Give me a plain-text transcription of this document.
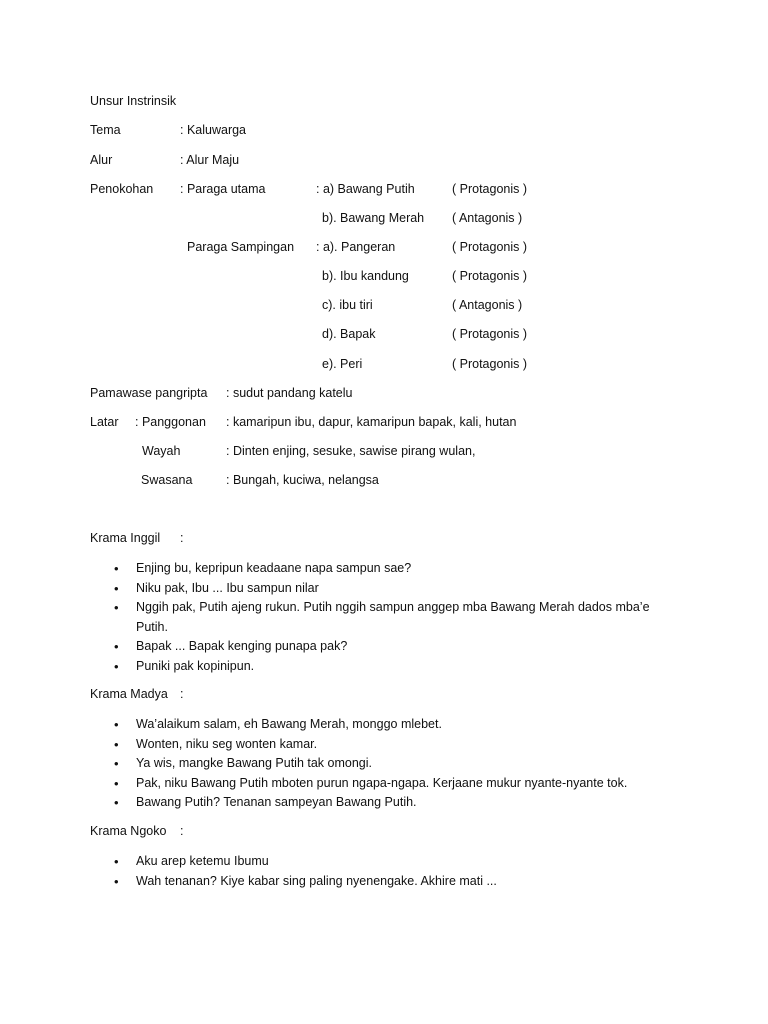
Unsur Instrinsik
Tema	: Kaluwarga
Alur	: Alur Maju
Penokohan : Paraga utama	: a) Bawang Putih	( Protagonis )
b). Bawang Merah ( Antagonis )
Paraga Sampingan : a). Pangeran	( Protagonis )
b). Ibu kandung	( Protagonis )
c). ibu tiri	( Antagonis )
d). Bapak	( Protagonis )
e). Peri	( Protagonis )
Pamawase pangripta : sudut pandang katelu
Latar : Panggonan : kamaripun ibu, dapur, kamaripun bapak, kali, hutan
Wayah	: Dinten enjing, sesuke, sawise pirang wulan,
Swasana	: Bungah, kuciwa, nelangsa
Krama Inggil :
• Enjing bu, kepripun keadaane napa sampun sae?
• Niku pak, Ibu ... Ibu sampun nilar
• Nggih pak, Putih ajeng rukun. Putih nggih sampun anggep mba Bawang Merah dados mba’e Putih.
• Bapak ... Bapak kenging punapa pak?
• Puniki pak kopinipun.
Krama Madya :
• Wa’alaikum salam, eh Bawang Merah, monggo mlebet.
• Wonten, niku seg wonten kamar.
• Ya wis, mangke Bawang Putih tak omongi.
• Pak, niku Bawang Putih mboten purun ngapa-ngapa. Kerjaane mukur nyante-nyante tok.
• Bawang Putih? Tenanan sampeyan Bawang Putih.
Krama Ngoko :
• Aku arep ketemu Ibumu
• Wah tenanan? Kiye kabar sing paling nyenengake. Akhire mati ...
